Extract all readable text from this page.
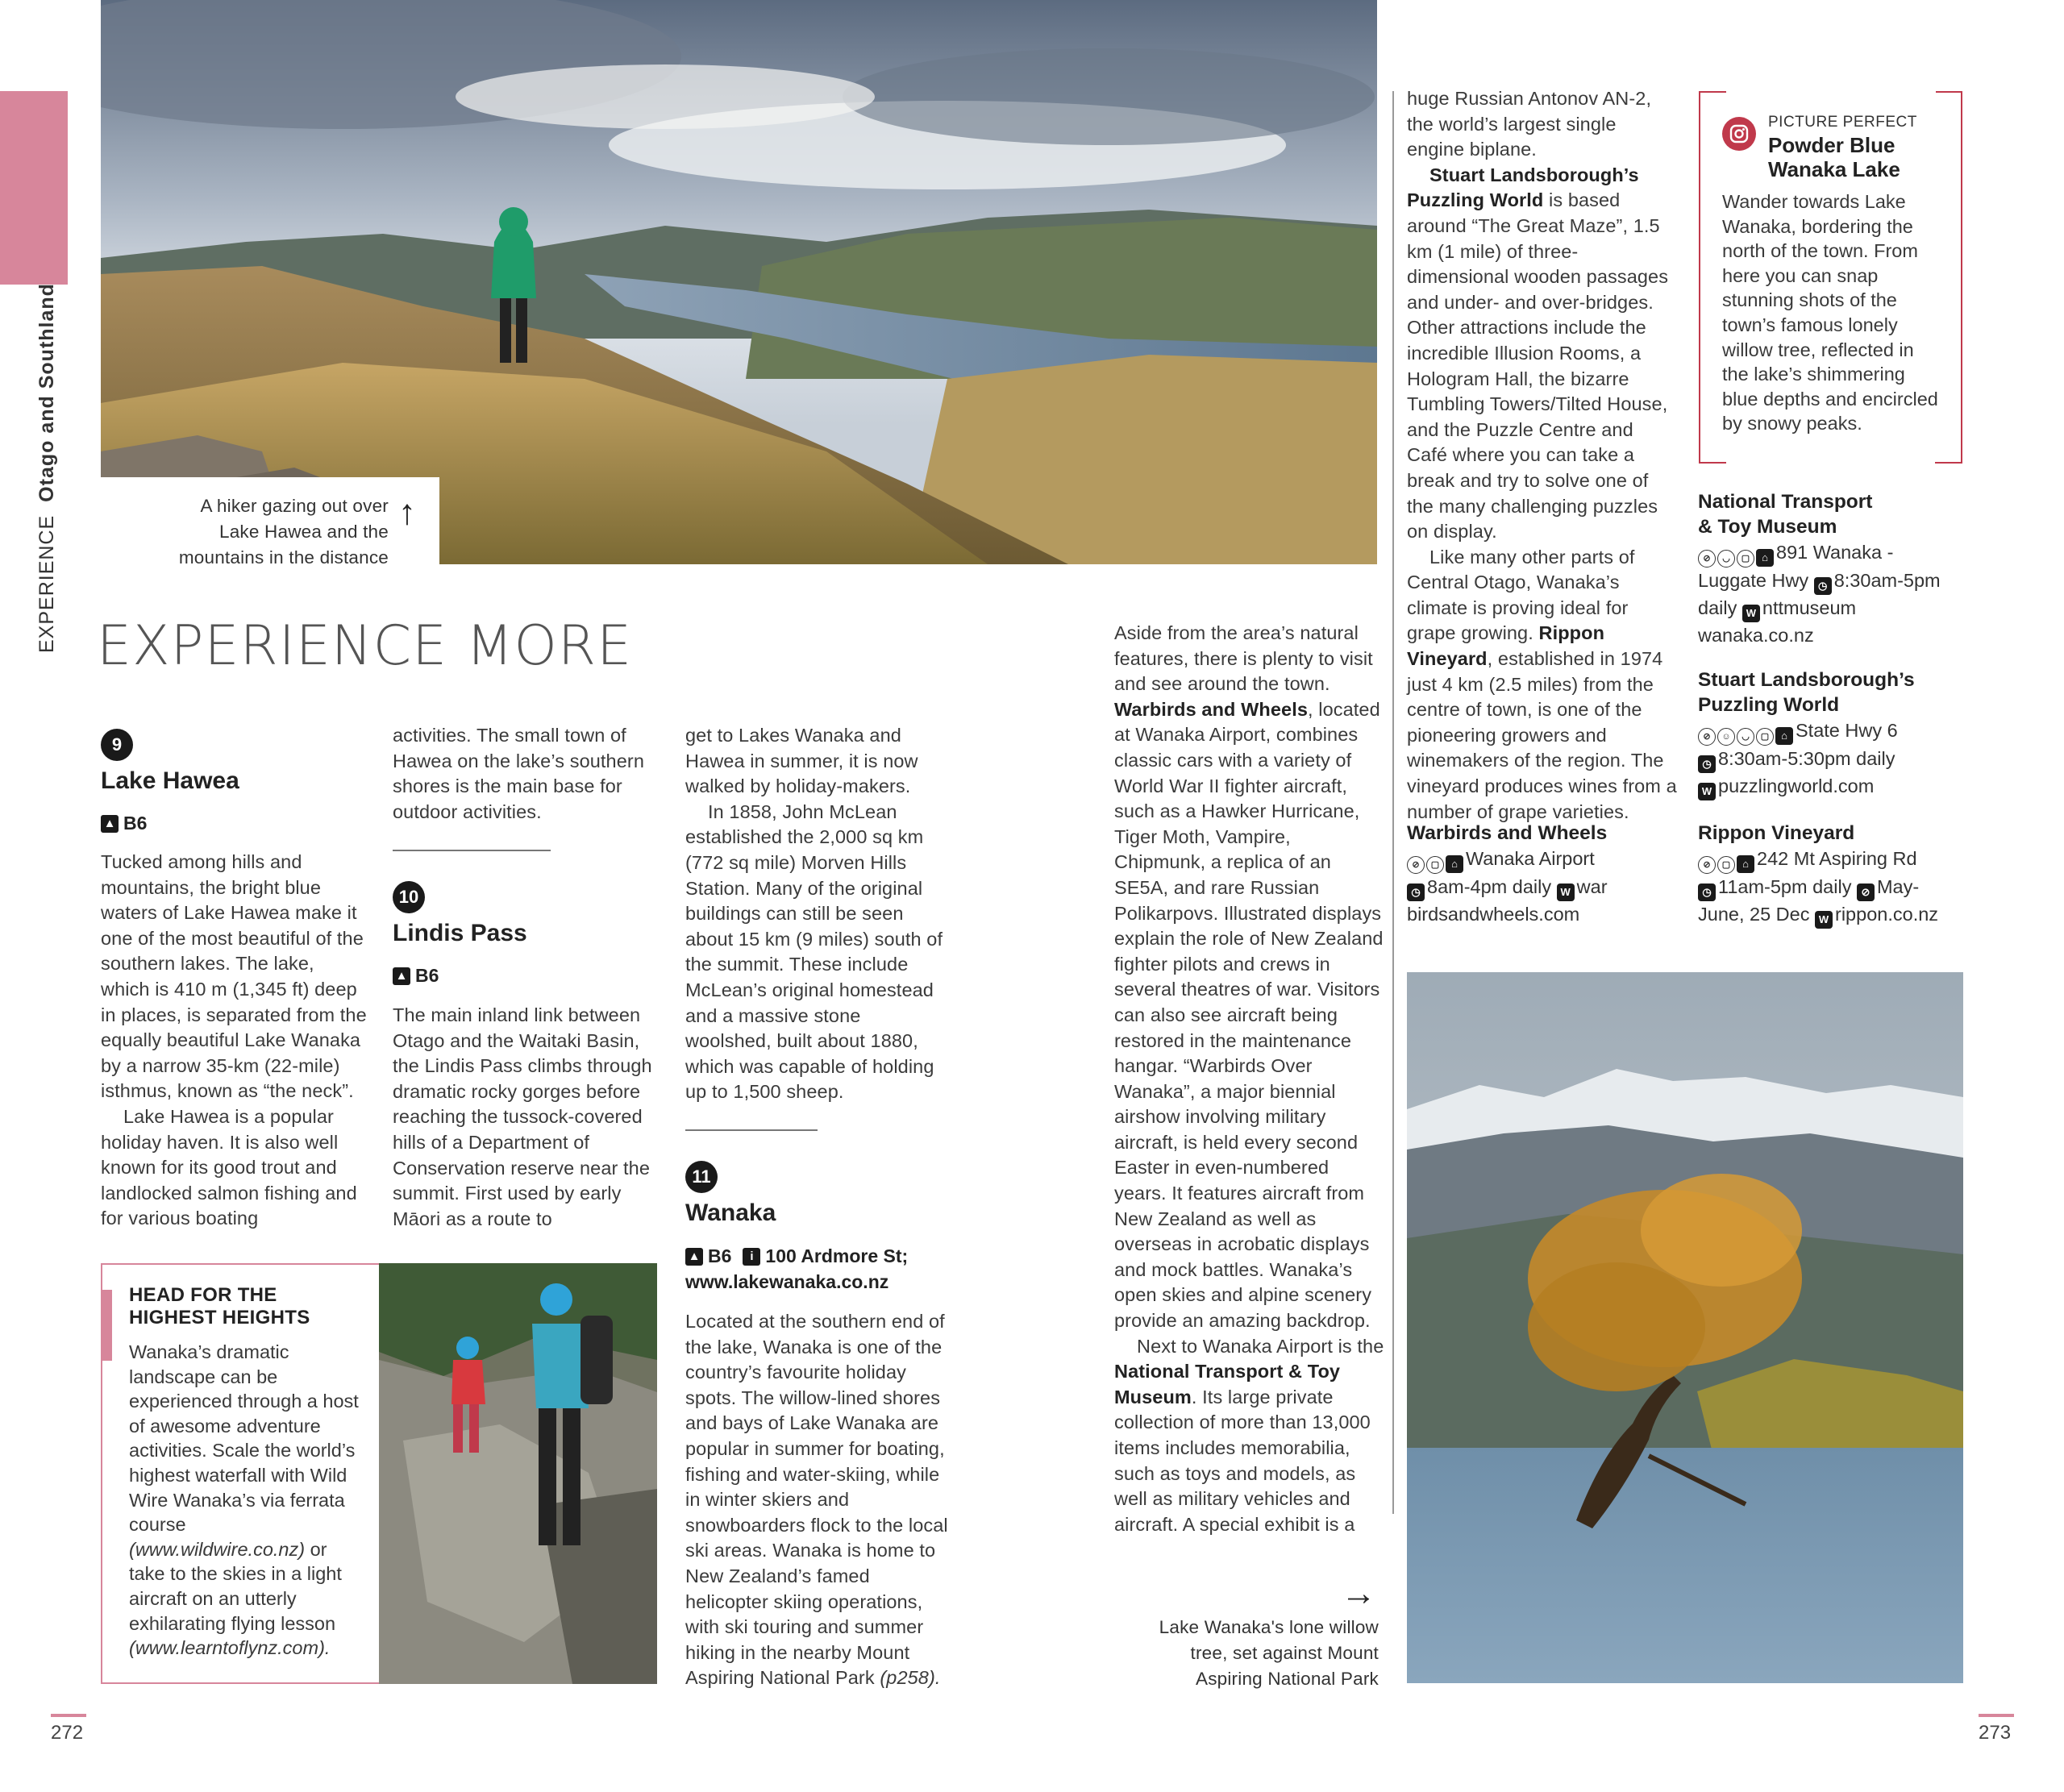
EXPERIENCE
Otago and Southland
A hiker gazing out over
Lake Hawea and the
mountains in the distance
↑
EXPERIENCE MORE
9
Lake Hawea
▲ B6

Tucked among hills and mountains, the bright blue waters of Lake Hawea make it one of the most beautiful of the southern lakes. The lake, which is 410 m (1,345 ft) deep in places, is separated from the equally beautiful Lake Wanaka by a narrow 35-km (22-mile) isthmus, known as “the neck”.

Lake Hawea is a popular holiday haven. It is also well known for its good trout and landlocked salmon fishing and for various boating

activities. The small town of Hawea on the lake’s southern shores is the main base for outdoor activities.

10
Lindis Pass
▲ B6

The main inland link between Otago and the Waitaki Basin, the Lindis Pass climbs through dramatic rocky gorges before reaching the tussock-covered hills of a Department of Conservation reserve near the summit. First used by early Māori as a route to

get to Lakes Wanaka and Hawea in summer, it is now walked by holiday-makers.

In 1858, John McLean established the 2,000 sq km (772 sq mile) Morven Hills Station. Many of the original buildings can still be seen about 15 km (9 miles) south of the summit. These include McLean’s original homestead and a massive stone woolshed, built about 1880, which was capable of holding up to 1,500 sheep.

11
Wanaka
▲ B6	i 100 Ardmore St;
www.lakewanaka.co.nz

Located at the southern end of the lake, Wanaka is one of the country’s favourite holiday spots. The willow-lined shores and bays of Lake Wanaka are popular in summer for boating, fishing and water-skiing, while in winter skiers and snowboarders flock to the local ski areas. Wanaka is home to New Zealand’s famed helicopter skiing operations, with ski touring and summer hiking in the nearby Mount Aspiring National Park (p258).

HEAD FOR THE
HIGHEST HEIGHTS
Wanaka’s dramatic landscape can be experienced through a host of awesome adventure activities. Scale the world’s highest waterfall with Wild Wire Wanaka’s via ferrata course (www.wildwire.co.nz) or take to the skies in a light aircraft on an utterly exhilarating flying lesson (www.learntoflynz.com).

Aside from the area’s natural features, there is plenty to visit and see around the town. Warbirds and Wheels, located at Wanaka Airport, combines classic cars with a variety of World War II fighter aircraft, such as a Hawker Hurricane, Tiger Moth, Vampire, Chipmunk, a replica of an SE5A, and rare Russian Polikarpovs. Illustrated displays explain the role of New Zealand fighter pilots and crews in several theatres of war. Visitors can also see aircraft being restored in the maintenance hangar. “Warbirds Over Wanaka”, a major biennial airshow involving military aircraft, is held every second Easter in even-numbered years. It features aircraft from New Zealand as well as overseas in acrobatic displays and mock battles. Wanaka’s open skies and alpine scenery provide an amazing backdrop.

Next to Wanaka Airport is the National Transport & Toy Museum. Its large private collection of more than 13,000 items includes memorabilia, such as toys and models, as well as military vehicles and aircraft. A special exhibit is a

huge Russian Antonov AN-2, the world’s largest single engine biplane.

Stuart Landsborough’s Puzzling World is based around “The Great Maze”, 1.5 km (1 mile) of three-dimensional wooden passages and under- and over-bridges. Other attractions include the incredible Illusion Rooms, a Hologram Hall, the bizarre Tumbling Towers/Tilted House, and the Puzzle Centre and Café where you can take a break and try to solve one of the many challenging puzzles on display.

Like many other parts of Central Otago, Wanaka’s climate is proving ideal for grape growing. Rippon Vineyard, established in 1974 just 4 km (2.5 miles) from the centre of town, is one of the pioneering growers and winemakers of the region. The vineyard produces wines from a number of grape varieties.

Warbirds and Wheels
⊘ ▢ ⌂ Wanaka Airport
◷ 8am-4pm daily W war birdsandwheels.com
PICTURE PERFECT
Powder Blue
Wanaka Lake
Wander towards Lake Wanaka, bordering the north of the town. From here you can snap stunning shots of the town’s famous lonely willow tree, reflected in the lake’s shimmering blue depths and encircled by snowy peaks.
National Transport
& Toy Museum
⊘ ◡ ▢ ⌂ 891 Wanaka - Luggate Hwy ◷ 8:30am-5pm daily W nttmuseum wanaka.co.nz
Stuart Landsborough’s
Puzzling World
⊘ ☺ ◡ ▢ ⌂ State Hwy 6
◷ 8:30am-5:30pm daily
W puzzlingworld.com
Rippon Vineyard
⊘ ▢ ⌂ 242 Mt Aspiring Rd
◷ 11am-5pm daily ⊘ May-June, 25 Dec W rippon.co.nz
→
Lake Wanaka's lone willow
tree, set against Mount
Aspiring National Park
272	273
